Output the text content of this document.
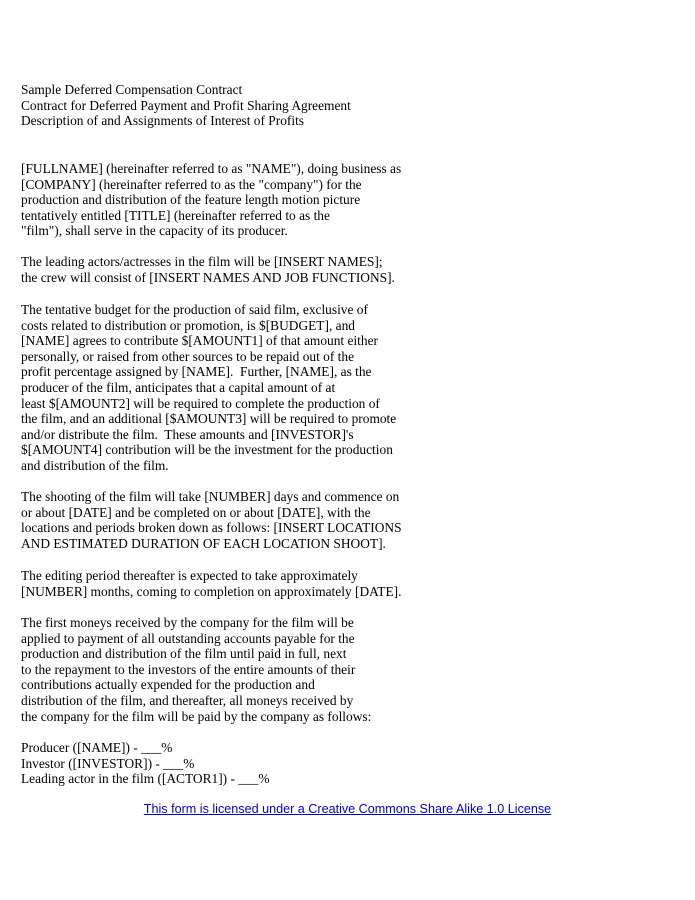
Sample Deferred Compensation Contract
Contract for Deferred Payment and Profit Sharing Agreement
Description of and Assignments of Interest of Profits
[FULLNAME] (hereinafter referred to as "NAME"), doing business as
[COMPANY] (hereinafter referred to as the "company") for the
production and distribution of the feature length motion picture
tentatively entitled [TITLE] (hereinafter referred to as the
"film"), shall serve in the capacity of its producer.
The leading actors/actresses in the film will be [INSERT NAMES];
the crew will consist of [INSERT NAMES AND JOB FUNCTIONS].
The tentative budget for the production of said film, exclusive of
costs related to distribution or promotion, is $[BUDGET], and
[NAME] agrees to contribute $[AMOUNT1] of that amount either
personally, or raised from other sources to be repaid out of the
profit percentage assigned by [NAME].  Further, [NAME], as the
producer of the film, anticipates that a capital amount of at
least $[AMOUNT2] will be required to complete the production of
the film, and an additional [$AMOUNT3] will be required to promote
and/or distribute the film.  These amounts and [INVESTOR]'s
$[AMOUNT4] contribution will be the investment for the production
and distribution of the film.
The shooting of the film will take [NUMBER] days and commence on
or about [DATE] and be completed on or about [DATE], with the
locations and periods broken down as follows: [INSERT LOCATIONS
AND ESTIMATED DURATION OF EACH LOCATION SHOOT].
The editing period thereafter is expected to take approximately
[NUMBER] months, coming to completion on approximately [DATE].
The first moneys received by the company for the film will be
applied to payment of all outstanding accounts payable for the
production and distribution of the film until paid in full, next
to the repayment to the investors of the entire amounts of their
contributions actually expended for the production and
distribution of the film, and thereafter, all moneys received by
the company for the film will be paid by the company as follows:
Producer ([NAME]) - ___%
Investor ([INVESTOR]) - ___%
Leading actor in the film ([ACTOR1]) - ___%
This form is licensed under a Creative Commons Share Alike 1.0 License
